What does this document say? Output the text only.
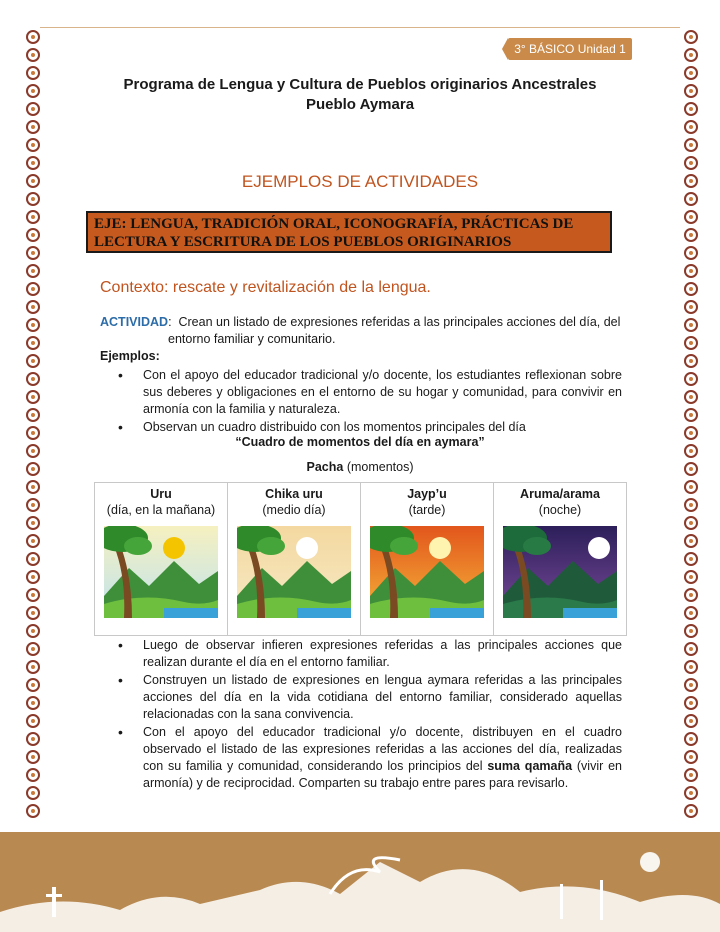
3° BÁSICO Unidad 1
Programa de Lengua y Cultura de Pueblos originarios Ancestrales
Pueblo Aymara
EJEMPLOS DE ACTIVIDADES
EJE: LENGUA, TRADICIÓN ORAL, ICONOGRAFÍA, PRÁCTICAS DE LECTURA Y ESCRITURA DE LOS PUEBLOS ORIGINARIOS
Contexto: rescate y revitalización de la lengua.
ACTIVIDAD:  Crean un listado de expresiones referidas a las principales acciones del día, del
entorno familiar y comunitario.
Ejemplos:
• Con el apoyo del educador tradicional y/o docente, los estudiantes reflexionan sobre sus deberes y obligaciones en el entorno de su hogar y comunidad, para convivir en armonía con la familia y naturaleza.
• Observan un cuadro distribuido con los momentos principales del día
“Cuadro de momentos del día en aymara”
Pacha (momentos)
Uru
(día, en la mañana)

Chika uru
(medio día)

Jayp’u
(tarde)

Aruma/arama
(noche)
• Luego de observar infieren expresiones referidas a las principales acciones que realizan durante el día en el entorno familiar.
• Construyen un listado de expresiones en lengua aymara referidas a las principales acciones del día en la vida cotidiana del entorno familiar, considerado aquellas relacionadas con la sana convivencia.
• Con el apoyo del educador tradicional y/o docente, distribuyen en el cuadro observado el listado de las expresiones referidas a las acciones del día, realizadas con su familia y comunidad, considerando los principios del suma qamaña (vivir en armonía) y de reciprocidad. Comparten su trabajo entre pares para revisarlo.
